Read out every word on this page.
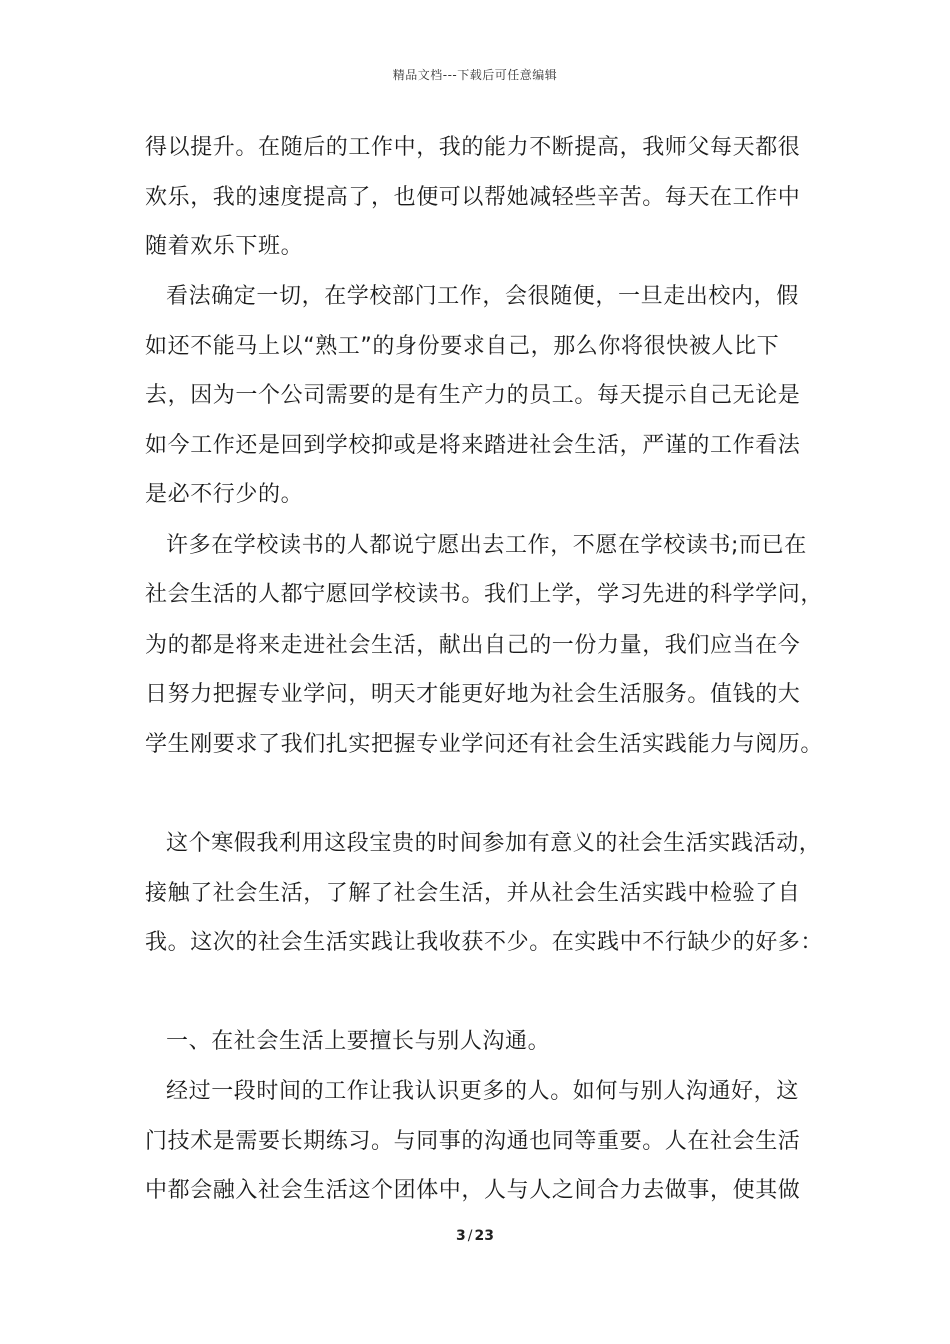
精品文档---下载后可任意编辑
得以提升。在随后的工作中，我的能力不断提高，我师父每天都很
欢乐，我的速度提高了，也便可以帮她减轻些辛苦。每天在工作中
随着欢乐下班。
看法确定一切，在学校部门工作，会很随便，一旦走出校内，假
如还不能马上以“熟工”的身份要求自己，那么你将很快被人比下
去，因为一个公司需要的是有生产力的员工。每天提示自己无论是
如今工作还是回到学校抑或是将来踏进社会生活，严谨的工作看法
是必不行少的。
许多在学校读书的人都说宁愿出去工作，不愿在学校读书;而已在
社会生活的人都宁愿回学校读书。我们上学，学习先进的科学学问，
为的都是将来走进社会生活，献出自己的一份力量，我们应当在今
日努力把握专业学问，明天才能更好地为社会生活服务。值钱的大
学生刚要求了我们扎实把握专业学问还有社会生活实践能力与阅历。
这个寒假我利用这段宝贵的时间参加有意义的社会生活实践活动，
接触了社会生活，了解了社会生活，并从社会生活实践中检验了自
我。这次的社会生活实践让我收获不少。在实践中不行缺少的好多：
一、在社会生活上要擅长与别人沟通。
经过一段时间的工作让我认识更多的人。如何与别人沟通好，这
门技术是需要长期练习。与同事的沟通也同等重要。人在社会生活
中都会融入社会生活这个团体中，人与人之间合力去做事，使其做
3 / 23
